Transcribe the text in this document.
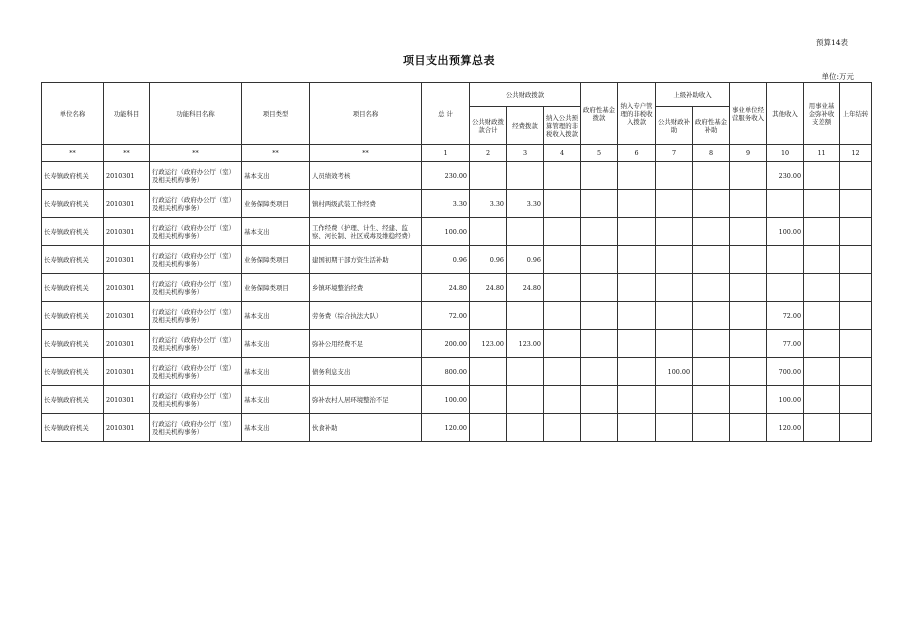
预算14表
项目支出预算总表
单位:万元
单位名称	功能科目	功能科目名称	项目类型	项目名称	总 计	公共财政拨款			政府性基金拨款	纳入专户管理的非税收入拨款	上级补助收入		事业单位经营服务收入	其他收入	用事业基金弥补收支差额	上年结转
						公共财政拨款合计	经费拨款	纳入公共预算管理的非税收入拨款			公共财政补助	政府性基金补助				
**	**	**	**	**	1	2	3	4	5	6	7	8	9	10	11	12
长寿镇政府机关	2010301	行政运行（政府办公厅（室）及相关机构事务）	基本支出	人员绩效考核	230.00									230.00		
长寿镇政府机关	2010301	行政运行（政府办公厅（室）及相关机构事务）	业务保障类项目	镇村两级武装工作经费	3.30	3.30	3.30									
长寿镇政府机关	2010301	行政运行（政府办公厅（室）及相关机构事务）	基本支出	工作经费（护理、计生、经建、监察、河长制、社区戒毒及维稳经费）	100.00									100.00		
长寿镇政府机关	2010301	行政运行（政府办公厅（室）及相关机构事务）	业务保障类项目	建国初期干部方资生活补助	0.96	0.96	0.96									
长寿镇政府机关	2010301	行政运行（政府办公厅（室）及相关机构事务）	业务保障类项目	乡镇环境整治经费	24.80	24.80	24.80									
长寿镇政府机关	2010301	行政运行（政府办公厅（室）及相关机构事务）	基本支出	劳务费（综合执法大队）	72.00									72.00		
长寿镇政府机关	2010301	行政运行（政府办公厅（室）及相关机构事务）	基本支出	弥补公用经费不足	200.00	123.00	123.00							77.00		
长寿镇政府机关	2010301	行政运行（政府办公厅（室）及相关机构事务）	基本支出	债务利息支出	800.00						100.00			700.00		
长寿镇政府机关	2010301	行政运行（政府办公厅（室）及相关机构事务）	基本支出	弥补农村人居环境整治不足	100.00									100.00		
长寿镇政府机关	2010301	行政运行（政府办公厅（室）及相关机构事务）	基本支出	伙食补助	120.00									120.00		
